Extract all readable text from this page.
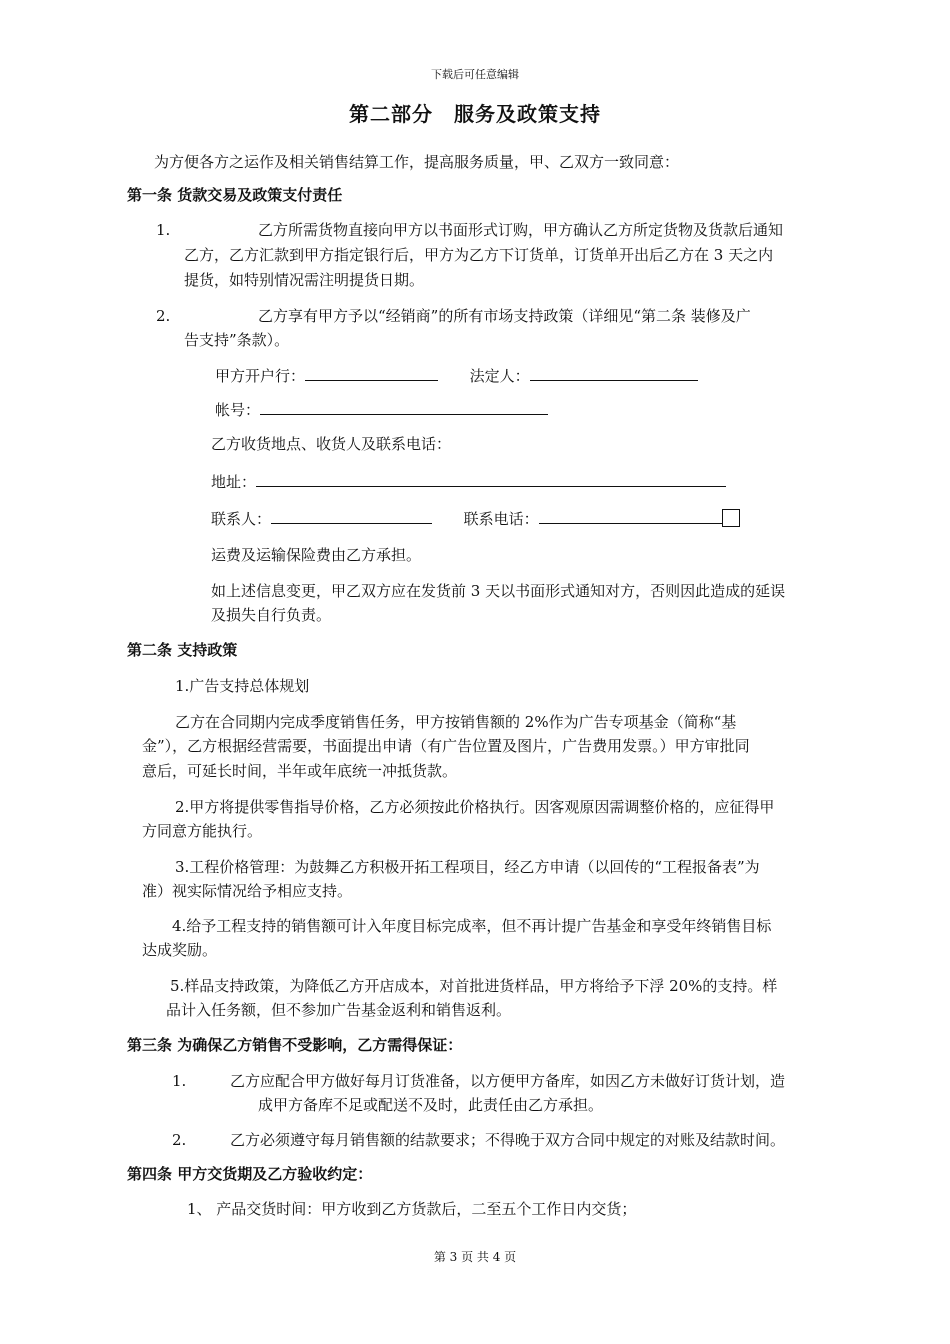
下载后可任意编辑
第二部分　服务及政策支持
为方便各方之运作及相关销售结算工作，提高服务质量，甲、乙双方一致同意：
第一条 货款交易及政策支付责任
1.	乙方所需货物直接向甲方以书面形式订购，甲方确认乙方所定货物及货款后通知
乙方，乙方汇款到甲方指定银行后，甲方为乙方下订货单，订货单开出后乙方在 3 天之内
提货，如特别情况需注明提货日期。
2.	乙方享有甲方予以“经销商”的所有市场支持政策（详细见“第二条 装修及广
告支持”条款）。
甲方开户行：	法定人：
帐号：
乙方收货地点、收货人及联系电话：
地址：
联系人：	联系电话：
运费及运输保险费由乙方承担。
如上述信息变更，甲乙双方应在发货前 3 天以书面形式通知对方，否则因此造成的延误
及损失自行负责。
第二条 支持政策
1.广告支持总体规划
乙方在合同期内完成季度销售任务，甲方按销售额的 2%作为广告专项基金（简称“基
金”），乙方根据经营需要，书面提出申请（有广告位置及图片，广告费用发票。）甲方审批同
意后，可延长时间，半年或年底统一冲抵货款。
2.甲方将提供零售指导价格，乙方必须按此价格执行。因客观原因需调整价格的，应征得甲
方同意方能执行。
3.工程价格管理：为鼓舞乙方积极开拓工程项目，经乙方申请（以回传的“工程报备表”为
准）视实际情况给予相应支持。
4.给予工程支持的销售额可计入年度目标完成率，但不再计提广告基金和享受年终销售目标
达成奖励。
5.样品支持政策，为降低乙方开店成本，对首批进货样品，甲方将给予下浮 20%的支持。样
品计入任务额，但不参加广告基金返利和销售返利。
第三条 为确保乙方销售不受影响，乙方需得保证：
1.	乙方应配合甲方做好每月订货准备，以方便甲方备库，如因乙方未做好订货计划，造
成甲方备库不足或配送不及时，此责任由乙方承担。
2.	乙方必须遵守每月销售额的结款要求；不得晚于双方合同中规定的对账及结款时间。
第四条 甲方交货期及乙方验收约定：
1、 产品交货时间：甲方收到乙方货款后，二至五个工作日内交货；
第 3 页 共 4 页
